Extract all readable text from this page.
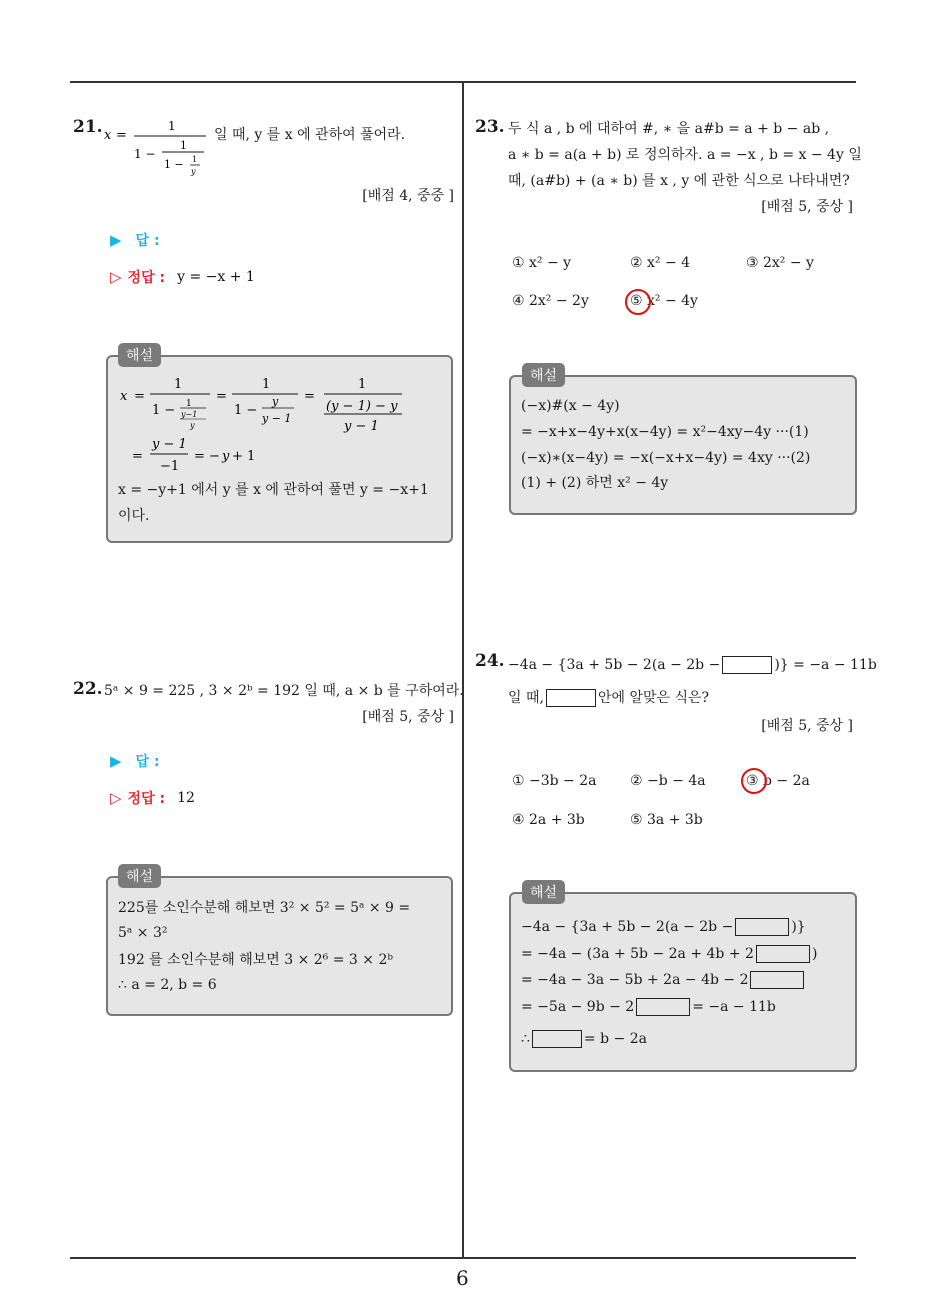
21. x =
1
1 −
1
1 − 1
y
일 때, y 를 x 에 관하여 풀어라.
[배점 4, 중중 ]
▶ 답 :
▷ 정답 : y = −x + 1
해설
x =
1
1 − 1
y−1
y
=
1
1 −
y
y − 1
=
1
(y − 1) − y
y − 1
=
y − 1
−1
= − y + 1
x = −y+1 에서 y 를 x 에 관하여 풀면 y = −x+1
이다.
22. 5ᵃ × 9 = 225 , 3 × 2ᵇ = 192 일 때, a × b 를 구하여라.
[배점 5, 중상 ]
▶ 답 :
▷ 정답 : 12
해설
225를 소인수분해 해보면 3² × 5² = 5ᵃ × 9 =
5ᵃ × 3²
192 를 소인수분해 해보면 3 × 2⁶ = 3 × 2ᵇ
∴ a = 2, b = 6
23. 두 식 a , b 에 대하여 #, ∗ 을 a#b = a + b − ab ,
a ∗ b = a(a + b) 로 정의하자. a = −x , b = x − 4y 일
때, (a#b) + (a ∗ b) 를 x , y 에 관한 식으로 나타내면?
[배점 5, 중상 ]
① x² − y	② x² − 4	③ 2x² − y
④ 2x² − 2y	⑤ x² − 4y
해설
(−x)#(x − 4y)
= −x+x−4y+x(x−4y) = x²−4xy−4y ···(1)
(−x)∗(x−4y) = −x(−x+x−4y) = 4xy ···(2)
(1) + (2) 하면 x² − 4y
24. −4a − {3a + 5b − 2(a − 2b −	)} = −a − 11b
일 때,	안에 알맞은 식은?
[배점 5, 중상 ]
① −3b − 2a ② −b − 4a	③ b − 2a
④ 2a + 3b	⑤ 3a + 3b
해설
−4a − {3a + 5b − 2(a − 2b −	)}
= −4a − (3a + 5b − 2a + 4b + 2	)
= −4a − 3a − 5b + 2a − 4b − 2
= −5a − 9b − 2	= −a − 11b
∴	= b − 2a
6
